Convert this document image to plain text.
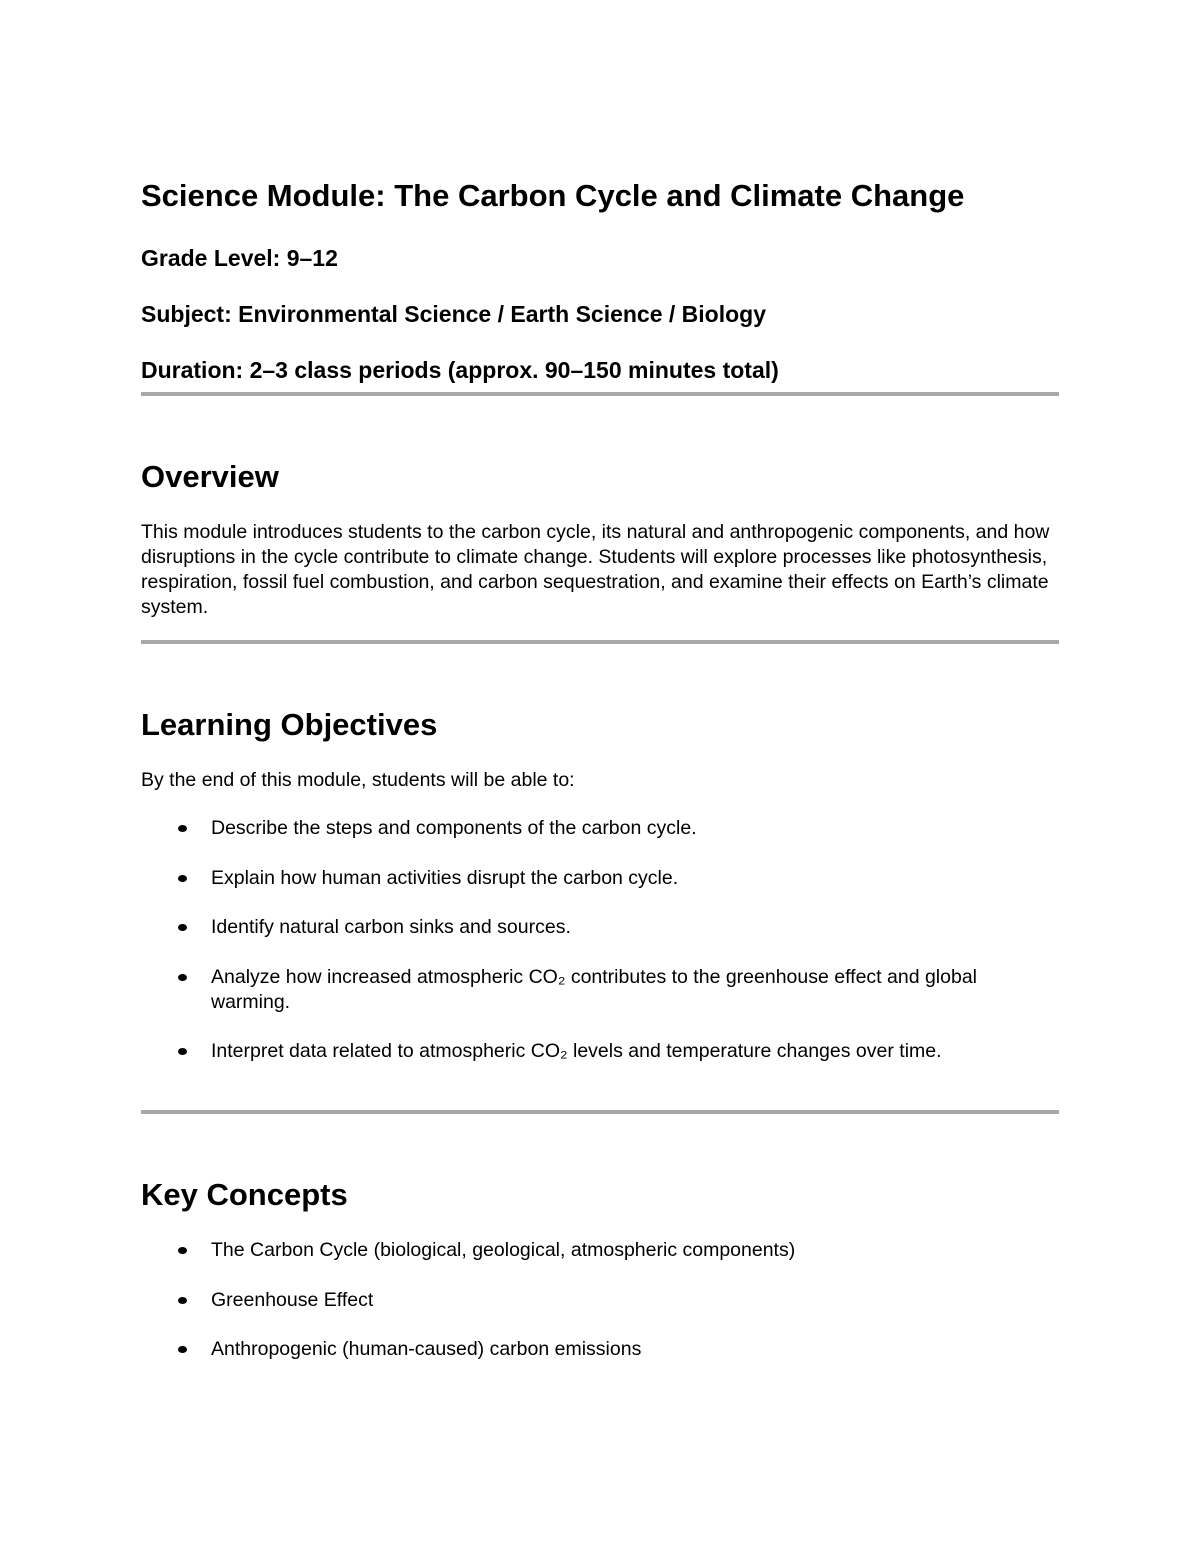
Science Module: The Carbon Cycle and Climate Change

Grade Level: 9–12

Subject: Environmental Science / Earth Science / Biology

Duration: 2–3 class periods (approx. 90–150 minutes total)

Overview

This module introduces students to the carbon cycle, its natural and anthropogenic components, and how disruptions in the cycle contribute to climate change. Students will explore processes like photosynthesis, respiration, fossil fuel combustion, and carbon sequestration, and examine their effects on Earth’s climate system.

Learning Objectives

By the end of this module, students will be able to:

Describe the steps and components of the carbon cycle.
Explain how human activities disrupt the carbon cycle.
Identify natural carbon sinks and sources.
Analyze how increased atmospheric CO₂ contributes to the greenhouse effect and global warming.
Interpret data related to atmospheric CO₂ levels and temperature changes over time.
Key Concepts
The Carbon Cycle (biological, geological, atmospheric components)
Greenhouse Effect
Anthropogenic (human-caused) carbon emissions
